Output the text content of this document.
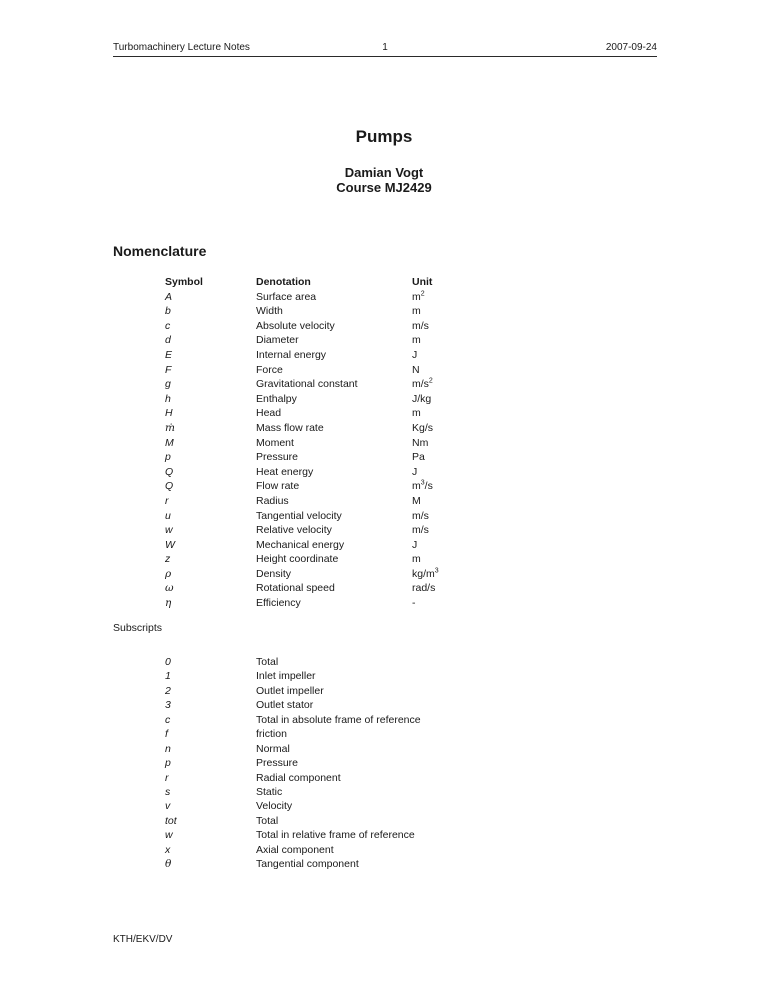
Turbomachinery Lecture Notes	1	2007-09-24
Pumps
Damian Vogt
Course MJ2429
Nomenclature
Symbol	Denotation	Unit
A	Surface area	$m^2$
b	Width	m
c	Absolute velocity	m/s
d	Diameter	m
E	Internal energy	J
F	Force	N
g	Gravitational constant	$m/s^2$
h	Enthalpy	J/kg
H	Head	m
ṁ	Mass flow rate	Kg/s
M	Moment	Nm
p	Pressure	Pa
Q	Heat energy	J
Q	Flow rate	$m^3/s$
r	Radius	M
u	Tangential velocity	m/s
w	Relative velocity	m/s
W	Mechanical energy	J
z	Height coordinate	m
ρ	Density	$kg/m^3$
ω	Rotational speed	rad/s
η	Efficiency	-
Subscripts
0	Total
1	Inlet impeller
2	Outlet impeller
3	Outlet stator
c	Total in absolute frame of reference
f	friction
n	Normal
p	Pressure
r	Radial component
s	Static
v	Velocity
tot	Total
w	Total in relative frame of reference
x	Axial component
θ	Tangential component
KTH/EKV/DV
